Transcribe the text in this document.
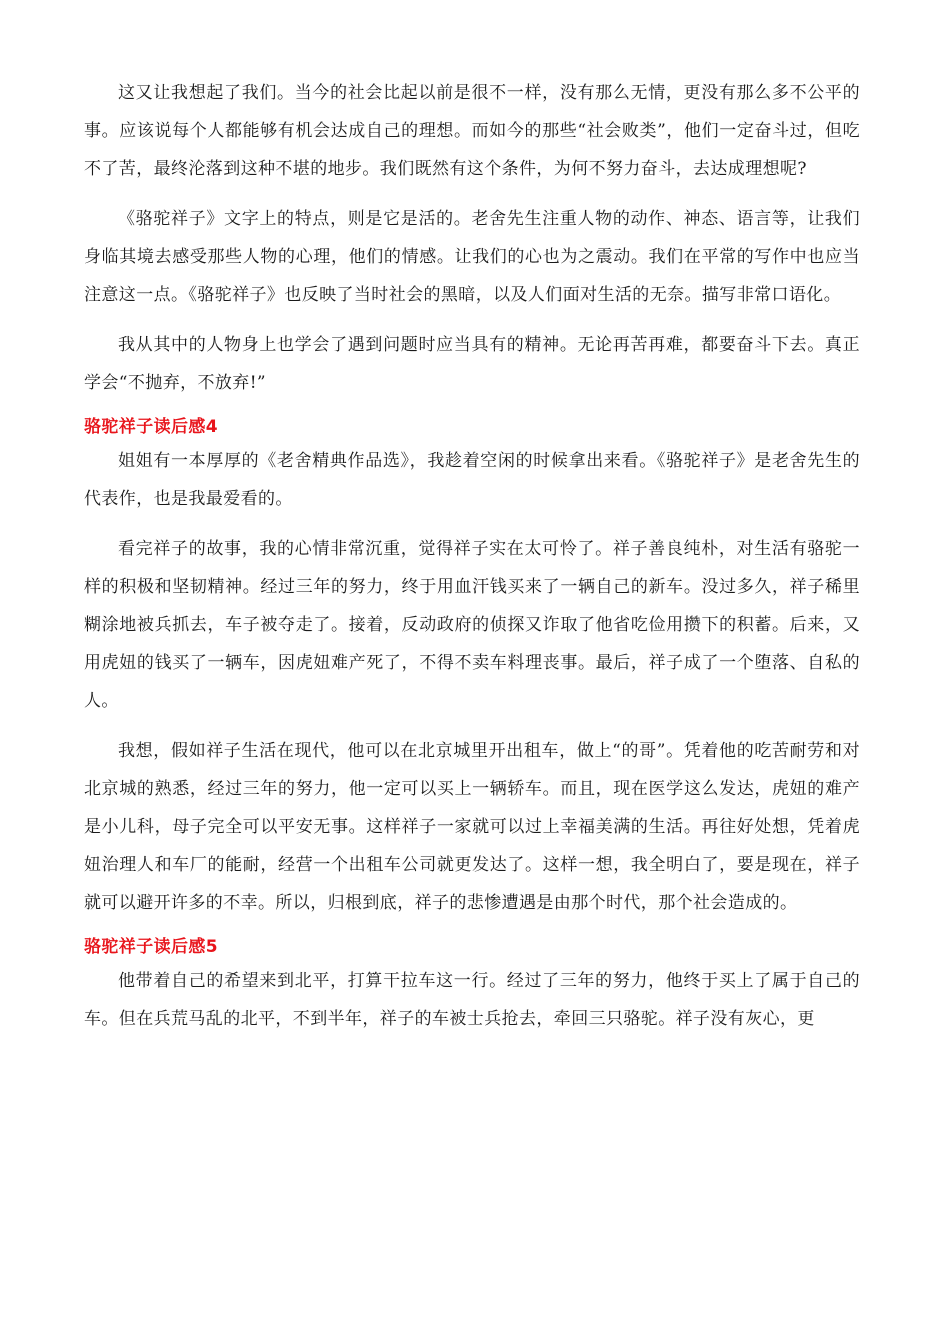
这又让我想起了我们。当今的社会比起以前是很不一样，没有那么无情，更没有那么多不公平的事。应该说每个人都能够有机会达成自己的理想。而如今的那些“社会败类”，他们一定奋斗过，但吃不了苦，最终沦落到这种不堪的地步。我们既然有这个条件，为何不努力奋斗，去达成理想呢?

《骆驼祥子》文字上的特点，则是它是活的。老舍先生注重人物的动作、神态、语言等，让我们身临其境去感受那些人物的心理，他们的情感。让我们的心也为之震动。我们在平常的写作中也应当注意这一点。《骆驼祥子》也反映了当时社会的黑暗，以及人们面对生活的无奈。描写非常口语化。

我从其中的人物身上也学会了遇到问题时应当具有的精神。无论再苦再难，都要奋斗下去。真正学会“不抛弃，不放弃!”

骆驼祥子读后感4

姐姐有一本厚厚的《老舍精典作品选》，我趁着空闲的时候拿出来看。《骆驼祥子》是老舍先生的代表作，也是我最爱看的。

看完祥子的故事，我的心情非常沉重，觉得祥子实在太可怜了。祥子善良纯朴，对生活有骆驼一样的积极和坚韧精神。经过三年的努力，终于用血汗钱买来了一辆自己的新车。没过多久，祥子稀里糊涂地被兵抓去，车子被夺走了。接着，反动政府的侦探又诈取了他省吃俭用攒下的积蓄。后来，又用虎妞的钱买了一辆车，因虎妞难产死了，不得不卖车料理丧事。最后，祥子成了一个堕落、自私的人。

我想，假如祥子生活在现代，他可以在北京城里开出租车，做上“的哥”。凭着他的吃苦耐劳和对北京城的熟悉，经过三年的努力，他一定可以买上一辆轿车。而且，现在医学这么发达，虎妞的难产是小儿科，母子完全可以平安无事。这样祥子一家就可以过上幸福美满的生活。再往好处想，凭着虎妞治理人和车厂的能耐，经营一个出租车公司就更发达了。这样一想，我全明白了，要是现在，祥子就可以避开许多的不幸。所以，归根到底，祥子的悲惨遭遇是由那个时代，那个社会造成的。

骆驼祥子读后感5

他带着自己的希望来到北平，打算干拉车这一行。经过了三年的努力，他终于买上了属于自己的车。但在兵荒马乱的北平，不到半年，祥子的车被士兵抢去，牵回三只骆驼。祥子没有灰心，更
